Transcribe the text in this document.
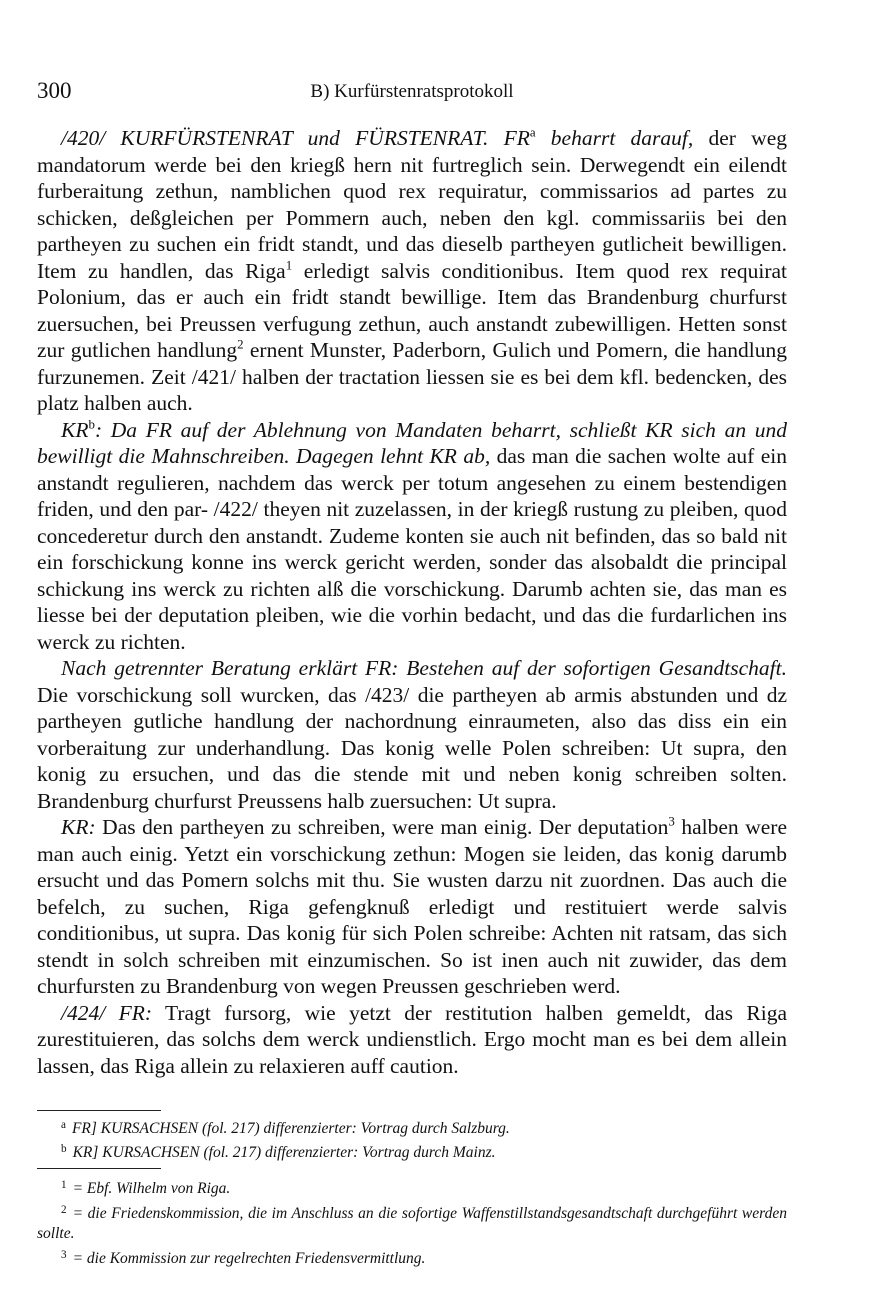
300	B) Kurfürstenratsprotokoll

/420/ KURFÜRSTENRAT und FÜRSTENRAT. $FR^a$ beharrt darauf, der weg mandatorum werde bei den kriegß hern nit furtreglich sein. Derwegendt ein eilendt furberaitung zethun, namblichen quod rex requiratur, commissarios ad partes zu schicken, deßgleichen per Pommern auch, neben den kgl. commissariis bei den partheyen zu suchen ein fridt standt, und das dieselb partheyen gutlicheit bewilligen. Item zu handlen, das Riga$^1$ erledigt salvis conditionibus. Item quod rex requirat Polonium, das er auch ein fridt standt bewillige. Item das Brandenburg churfurst zuersuchen, bei Preussen verfugung zethun, auch anstandt zubewilligen. Hetten sonst zur gutlichen handlung$^2$ ernent Munster, Paderborn, Gulich und Pomern, die handlung furzunemen. Zeit /421/ halben der tractation liessen sie es bei dem kfl. bedencken, des platz halben auch.

$KR^b$: Da FR auf der Ablehnung von Mandaten beharrt, schließt KR sich an und bewilligt die Mahnschreiben. Dagegen lehnt KR ab, das man die sachen wolte auf ein anstandt regulieren, nachdem das werck per totum angesehen zu einem bestendigen friden, und den par- /422/ theyen nit zuzelassen, in der kriegß rustung zu pleiben, quod concederetur durch den anstandt. Zudeme konten sie auch nit befinden, das so bald nit ein forschickung konne ins werck gericht werden, sonder das alsobaldt die principal schickung ins werck zu richten alß die vorschickung. Darumb achten sie, das man es liesse bei der deputation pleiben, wie die vorhin bedacht, und das die furdarlichen ins werck zu richten.

Nach getrennter Beratung erklärt FR: Bestehen auf der sofortigen Gesandtschaft. Die vorschickung soll wurcken, das /423/ die partheyen ab armis abstunden und dz partheyen gutliche handlung der nachordnung einraumeten, also das diss ein ein vorberaitung zur underhandlung. Das konig welle Polen schreiben: Ut supra, den konig zu ersuchen, und das die stende mit und neben konig schreiben solten. Brandenburg churfurst Preussens halb zuersuchen: Ut supra.

KR: Das den partheyen zu schreiben, were man einig. Der deputation$^3$ halben were man auch einig. Yetzt ein vorschickung zethun: Mogen sie leiden, das konig darumb ersucht und das Pomern solchs mit thu. Sie wusten darzu nit zuordnen. Das auch die befelch, zu suchen, Riga gefengknuß erledigt und restituiert werde salvis conditionibus, ut supra. Das konig für sich Polen schreibe: Achten nit ratsam, das sich stendt in solch schreiben mit einzumischen. So ist inen auch nit zuwider, das dem churfursten zu Brandenburg von wegen Preussen geschrieben werd.

/424/ FR: Tragt fursorg, wie yetzt der restitution halben gemeldt, das Riga zurestituieren, das solchs dem werck undienstlich. Ergo mocht man es bei dem allein lassen, das Riga allein zu relaxieren auff caution.

$^a$ FR] KURSACHSEN (fol. 217) differenzierter: Vortrag durch Salzburg.

$^b$ KR] KURSACHSEN (fol. 217) differenzierter: Vortrag durch Mainz.

$^1$ = Ebf. Wilhelm von Riga.

$^2$ = die Friedenskommission, die im Anschluss an die sofortige Waffenstillstandsgesandtschaft durchgeführt werden sollte.

$^3$ = die Kommission zur regelrechten Friedensvermittlung.
